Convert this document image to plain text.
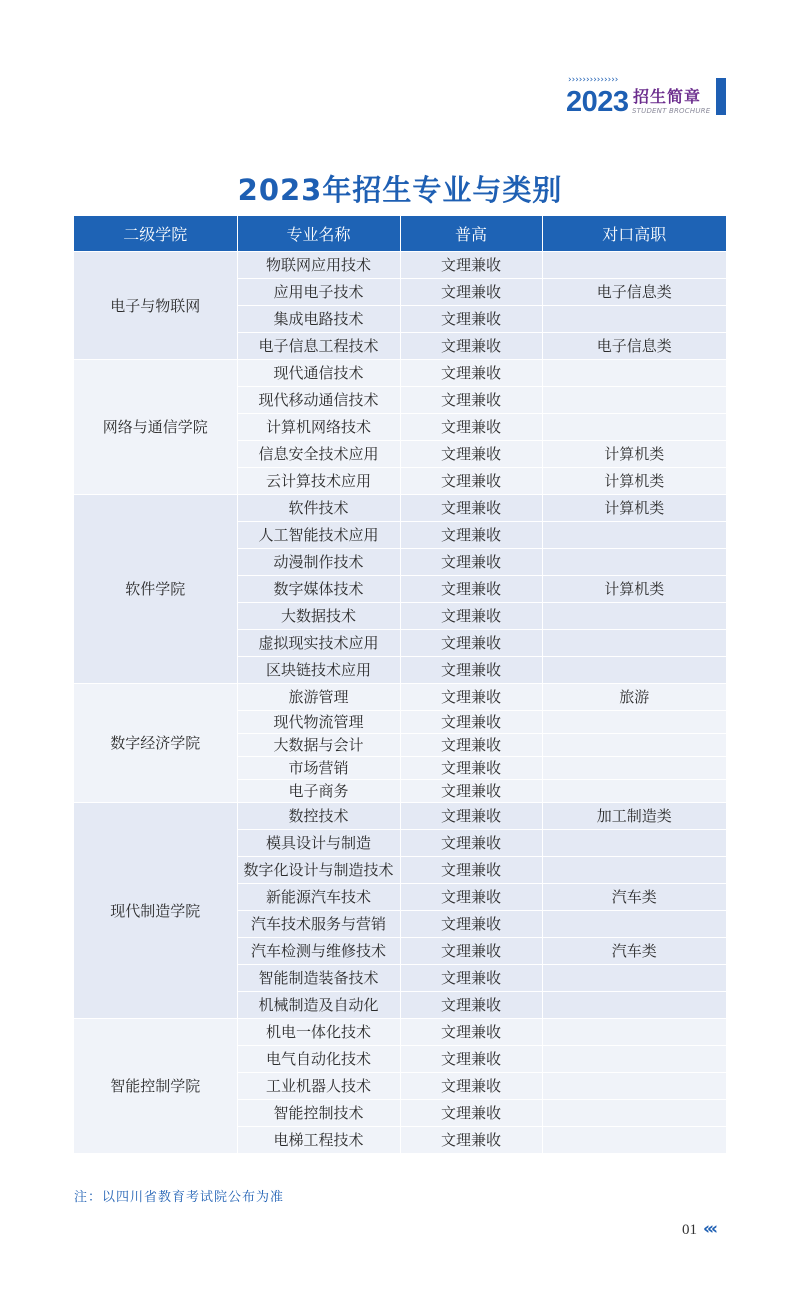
››››››››››››››
2023 招生简章
STUDENT BROCHURE
2023年招生专业与类别
二级学院	专业名称	普高	对口高职
电子与物联网	物联网应用技术	文理兼收	
	应用电子技术	文理兼收	电子信息类
	集成电路技术	文理兼收	
	电子信息工程技术	文理兼收	电子信息类
网络与通信学院	现代通信技术	文理兼收	
	现代移动通信技术	文理兼收	
	计算机网络技术	文理兼收	
	信息安全技术应用	文理兼收	计算机类
	云计算技术应用	文理兼收	计算机类
软件学院	软件技术	文理兼收	计算机类
	人工智能技术应用	文理兼收	
	动漫制作技术	文理兼收	
	数字媒体技术	文理兼收	计算机类
	大数据技术	文理兼收	
	虚拟现实技术应用	文理兼收	
	区块链技术应用	文理兼收	
数字经济学院	旅游管理	文理兼收	旅游
	现代物流管理	文理兼收	
	大数据与会计	文理兼收	
	市场营销	文理兼收	
	电子商务	文理兼收	
现代制造学院	数控技术	文理兼收	加工制造类
	模具设计与制造	文理兼收	
	数字化设计与制造技术	文理兼收	
	新能源汽车技术	文理兼收	汽车类
	汽车技术服务与营销	文理兼收	
	汽车检测与维修技术	文理兼收	汽车类
	智能制造装备技术	文理兼收	
	机械制造及自动化	文理兼收	
智能控制学院	机电一体化技术	文理兼收	
	电气自动化技术	文理兼收	
	工业机器人技术	文理兼收	
	智能控制技术	文理兼收	
	电梯工程技术	文理兼收	
注：以四川省教育考试院公布为准
01 ‹‹‹
